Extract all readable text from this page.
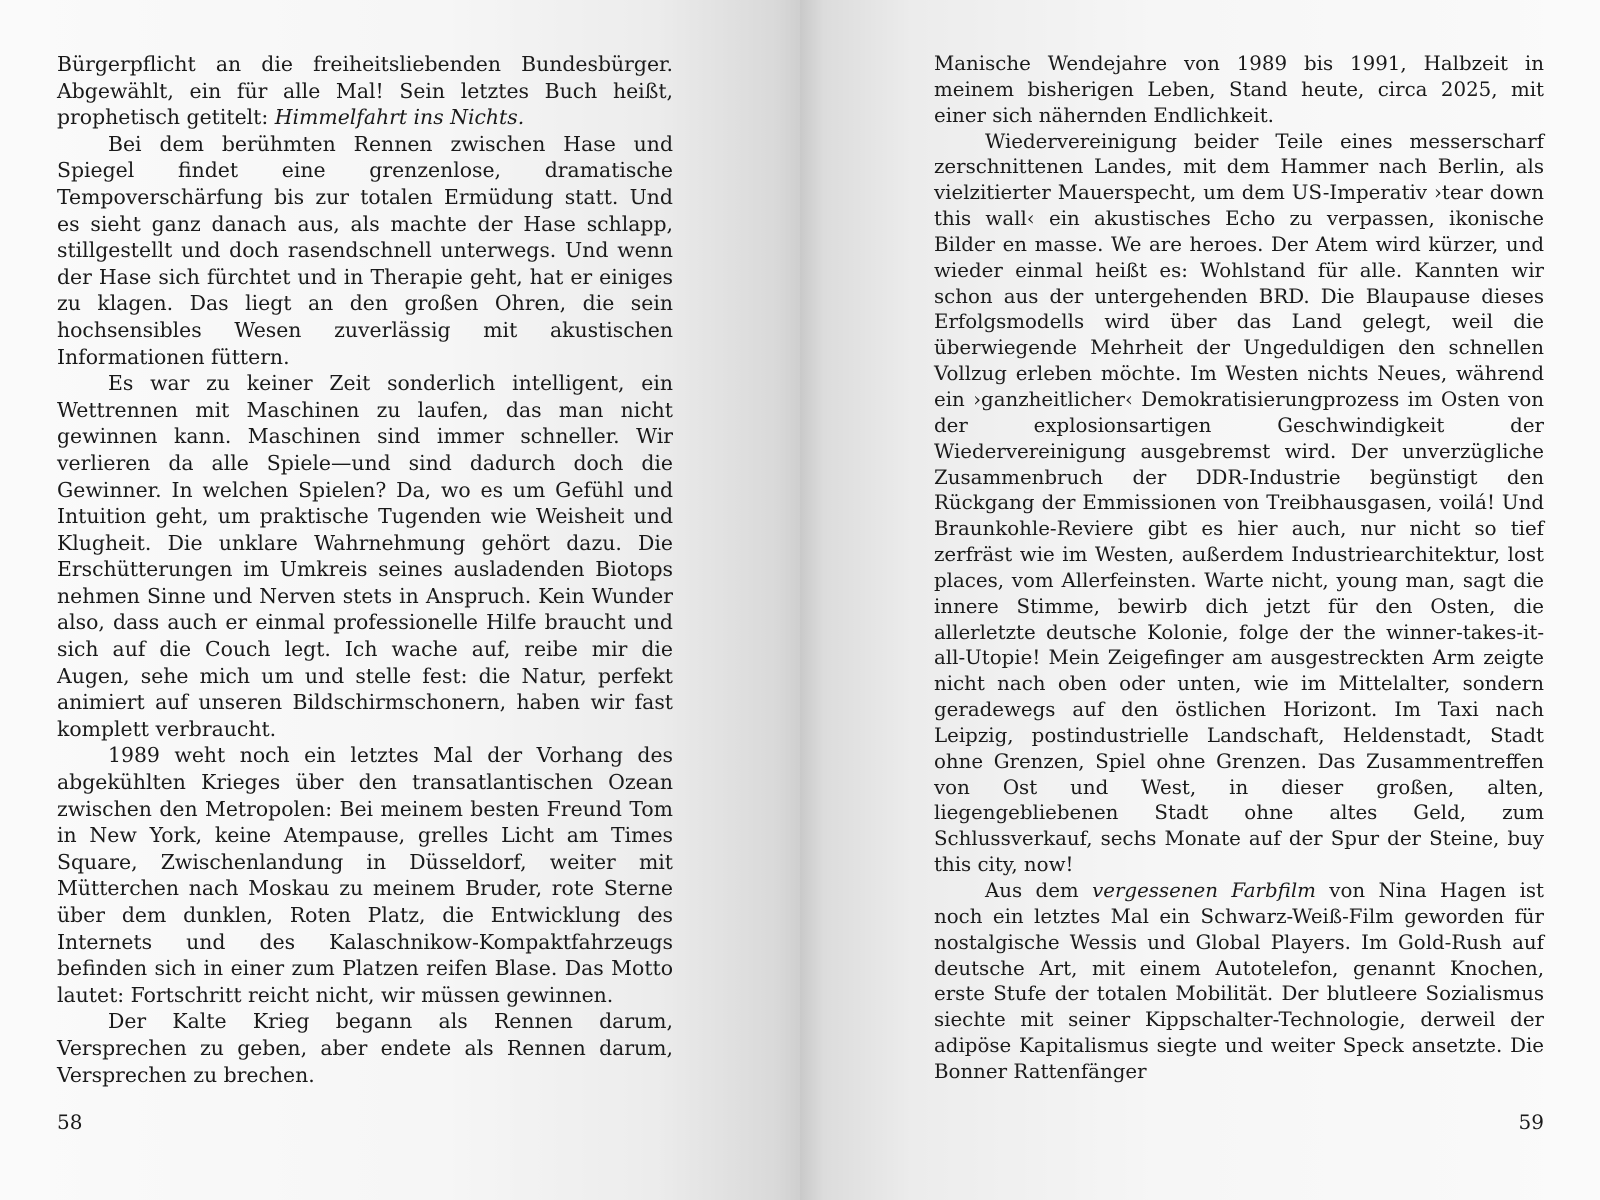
Bürgerpflicht an die freiheitsliebenden Bundesbürger. Abgewählt, ein für alle Mal! Sein letztes Buch heißt, prophetisch getitelt: Himmelfahrt ins Nichts.

Bei dem berühmten Rennen zwischen Hase und Spiegel findet eine grenzenlose, dramatische Tempoverschärfung bis zur totalen Ermüdung statt. Und es sieht ganz danach aus, als machte der Hase schlapp, stillgestellt und doch rasendschnell unterwegs. Und wenn der Hase sich fürchtet und in Therapie geht, hat er einiges zu klagen. Das liegt an den großen Ohren, die sein hochsensibles Wesen zuverlässig mit akustischen Informationen füttern.

Es war zu keiner Zeit sonderlich intelligent, ein Wettrennen mit Maschinen zu laufen, das man nicht gewinnen kann. Maschinen sind immer schneller. Wir verlieren da alle Spiele—und sind dadurch doch die Gewinner. In welchen Spielen? Da, wo es um Gefühl und Intuition geht, um praktische Tugenden wie Weisheit und Klugheit. Die unklare Wahrnehmung gehört dazu. Die Erschütterungen im Umkreis seines ausladenden Biotops nehmen Sinne und Nerven stets in Anspruch. Kein Wunder also, dass auch er einmal professionelle Hilfe braucht und sich auf die Couch legt. Ich wache auf, reibe mir die Augen, sehe mich um und stelle fest: die Natur, perfekt animiert auf unseren Bildschirmschonern, haben wir fast komplett verbraucht.

1989 weht noch ein letztes Mal der Vorhang des abgekühlten Krieges über den transatlantischen Ozean zwischen den Metropolen: Bei meinem besten Freund Tom in New York, keine Atempause, grelles Licht am Times Square, Zwischenlandung in Düsseldorf, weiter mit Mütterchen nach Moskau zu meinem Bruder, rote Sterne über dem dunklen, Roten Platz, die Entwicklung des Internets und des Kalaschnikow-Kompaktfahrzeugs befinden sich in einer zum Platzen reifen Blase. Das Motto lautet: Fortschritt reicht nicht, wir müssen gewinnen.

Der Kalte Krieg begann als Rennen darum, Versprechen zu geben, aber endete als Rennen darum, Versprechen zu brechen.

58

Manische Wendejahre von 1989 bis 1991, Halbzeit in meinem bisherigen Leben, Stand heute, circa 2025, mit einer sich nähernden Endlichkeit.

Wiedervereinigung beider Teile eines messerscharf zerschnittenen Landes, mit dem Hammer nach Berlin, als vielzitierter Mauerspecht, um dem US-Imperativ ›tear down this wall‹ ein akustisches Echo zu verpassen, ikonische Bilder en masse. We are heroes. Der Atem wird kürzer, und wieder einmal heißt es: Wohlstand für alle. Kannten wir schon aus der untergehenden BRD. Die Blaupause dieses Erfolgsmodells wird über das Land gelegt, weil die überwiegende Mehrheit der Ungeduldigen den schnellen Vollzug erleben möchte. Im Westen nichts Neues, während ein ›ganzheitlicher‹ Demokratisierungprozess im Osten von der explosionsartigen Geschwindigkeit der Wiedervereinigung ausgebremst wird. Der unverzügliche Zusammenbruch der DDR-Industrie begünstigt den Rückgang der Emmissionen von Treibhausgasen, voilá! Und Braunkohle-Reviere gibt es hier auch, nur nicht so tief zerfräst wie im Westen, außerdem Industriearchitektur, lost places, vom Allerfeinsten. Warte nicht, young man, sagt die innere Stimme, bewirb dich jetzt für den Osten, die allerletzte deutsche Kolonie, folge der the winner-takes-it-all-Utopie! Mein Zeigefinger am ausgestreckten Arm zeigte nicht nach oben oder unten, wie im Mittelalter, sondern geradewegs auf den östlichen Horizont. Im Taxi nach Leipzig, postindustrielle Landschaft, Heldenstadt, Stadt ohne Grenzen, Spiel ohne Grenzen. Das Zusammentreffen von Ost und West, in dieser großen, alten, liegengebliebenen Stadt ohne altes Geld, zum Schlussverkauf, sechs Monate auf der Spur der Steine, buy this city, now!

Aus dem vergessenen Farbfilm von Nina Hagen ist noch ein letztes Mal ein Schwarz-Weiß-Film geworden für nostalgische Wessis und Global Players. Im Gold-Rush auf deutsche Art, mit einem Autotelefon, genannt Knochen, erste Stufe der totalen Mobilität. Der blutleere Sozialismus siechte mit seiner Kippschalter-Technologie, derweil der adipöse Kapitalismus siegte und weiter Speck ansetzte. Die Bonner Rattenfänger

59
